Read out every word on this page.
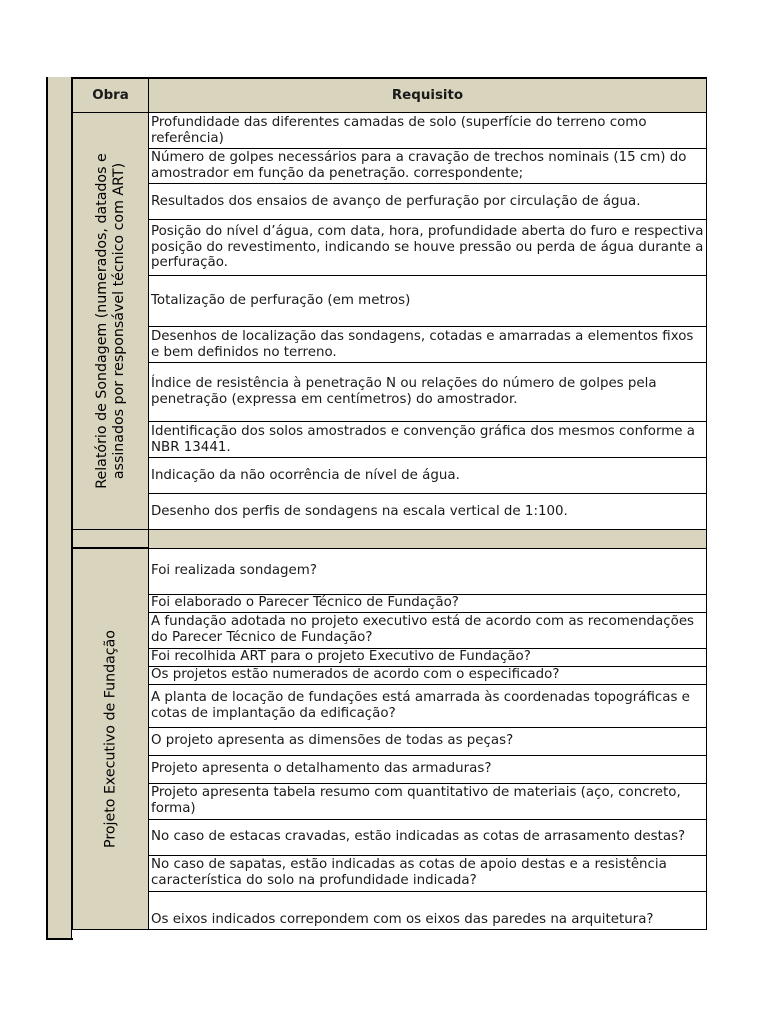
Obra	Requisito

Relatório de Sondagem (numerados, datados e assinados por responsável técnico com ART)	Profundidade das diferentes camadas de solo (superfície do terreno como referência)
	Número de golpes necessários para a cravação de trechos nominais (15 cm) do amostrador em função da penetração. correspondente;
	Resultados dos ensaios de avanço de perfuração por circulação de água.
	Posição do nível d’água, com data, hora, profundidade aberta do furo e respectiva posição do revestimento, indicando se houve pressão ou perda de água durante a perfuração.
	Totalização de perfuração (em metros)
	Desenhos de localização das sondagens, cotadas e amarradas a elementos fixos e bem definidos no terreno.
	Índice de resistência à penetração N ou relações do número de golpes pela penetração (expressa em centímetros) do amostrador.
	Identificação dos solos amostrados e convenção gráfica dos mesmos conforme a NBR 13441.
	Indicação da não ocorrência de nível de água.
	Desenho dos perfis de sondagens na escala vertical de 1:100.

Projeto Executivo de Fundação	Foi realizada sondagem?
	Foi elaborado o Parecer Técnico de Fundação?
	A fundação adotada no projeto executivo está de acordo com as recomendações do Parecer Técnico de Fundação?
	Foi recolhida ART para o projeto Executivo de Fundação?
	Os projetos estão numerados de acordo com o especificado?
	A planta de locação de fundações está amarrada às coordenadas topográficas e cotas de implantação da edificação?
	O projeto apresenta as dimensões de todas as peças?
	Projeto apresenta o detalhamento das armaduras?
	Projeto apresenta tabela resumo com quantitativo de materiais (aço, concreto, forma)
	No caso de estacas cravadas, estão indicadas as cotas de arrasamento destas?
	No caso de sapatas, estão indicadas as cotas de apoio destas e a resistência característica do solo na profundidade indicada?
	Os eixos indicados correpondem com os eixos das paredes na arquitetura?
